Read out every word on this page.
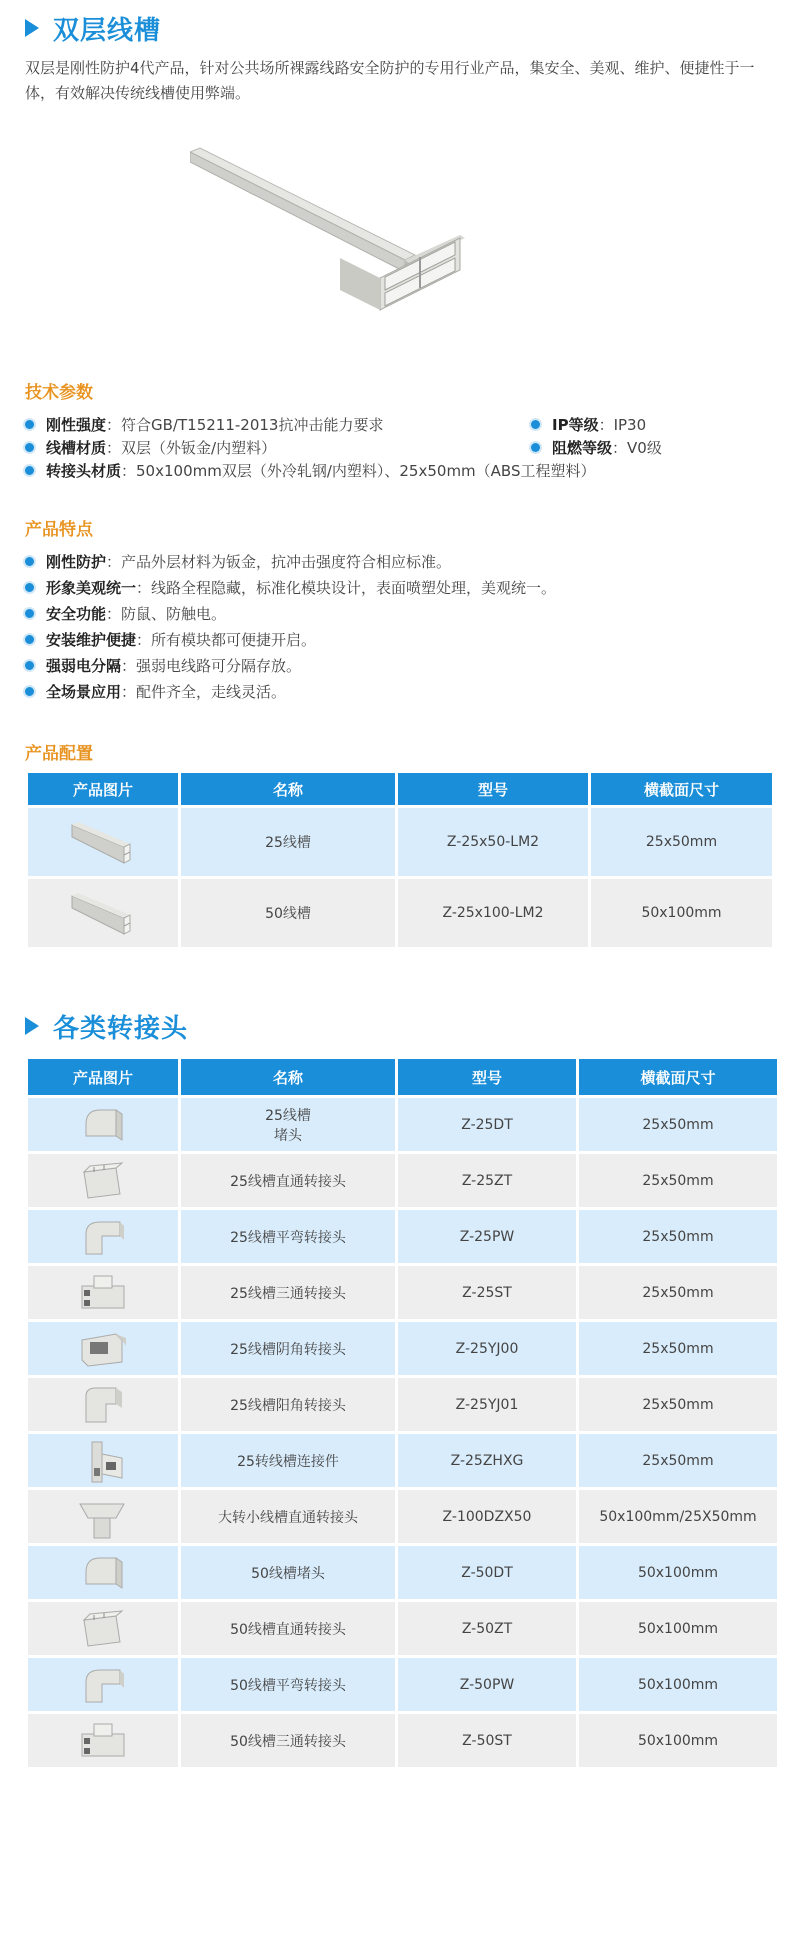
双层线槽
双层是刚性防护4代产品，针对公共场所裸露线路安全防护的专用行业产品，集安全、美观、维护、便捷性于一体，有效解决传统线槽使用弊端。
技术参数
刚性强度 ：符合GB/T15211-2013抗冲击能力要求	IP等级 ：IP30
线槽材质 ：双层（外钣金/内塑料）	阻燃等级 ：V0级
转接头材质 ：50x100mm双层（外冷轧钢/内塑料）、25x50mm（ABS工程塑料）
产品特点
刚性防护 ：产品外层材料为钣金，抗冲击强度符合相应标准。
形象美观统一 ：线路全程隐藏，标准化模块设计，表面喷塑处理，美观统一。
安全功能 ：防鼠、防触电。
安装维护便捷 ：所有模块都可便捷开启。
强弱电分隔 ：强弱电线路可分隔存放。
全场景应用 ：配件齐全，走线灵活。
产品配置
产品图片	名称	型号	横截面尺寸
	25线槽	Z-25x50-LM2	25x50mm
	50线槽	Z-25x100-LM2	50x100mm
各类转接头
产品图片	名称	型号	横截面尺寸
	25线槽
堵头	Z-25DT	25x50mm
	25线槽直通转接头	Z-25ZT	25x50mm
	25线槽平弯转接头	Z-25PW	25x50mm
	25线槽三通转接头	Z-25ST	25x50mm
	25线槽阴角转接头	Z-25YJ00	25x50mm
	25线槽阳角转接头	Z-25YJ01	25x50mm
	25转线槽连接件	Z-25ZHXG	25x50mm
	大转小线槽直通转接头	Z-100DZX50	50x100mm/25X50mm
	50线槽堵头	Z-50DT	50x100mm
	50线槽直通转接头	Z-50ZT	50x100mm
	50线槽平弯转接头	Z-50PW	50x100mm
	50线槽三通转接头	Z-50ST	50x100mm
